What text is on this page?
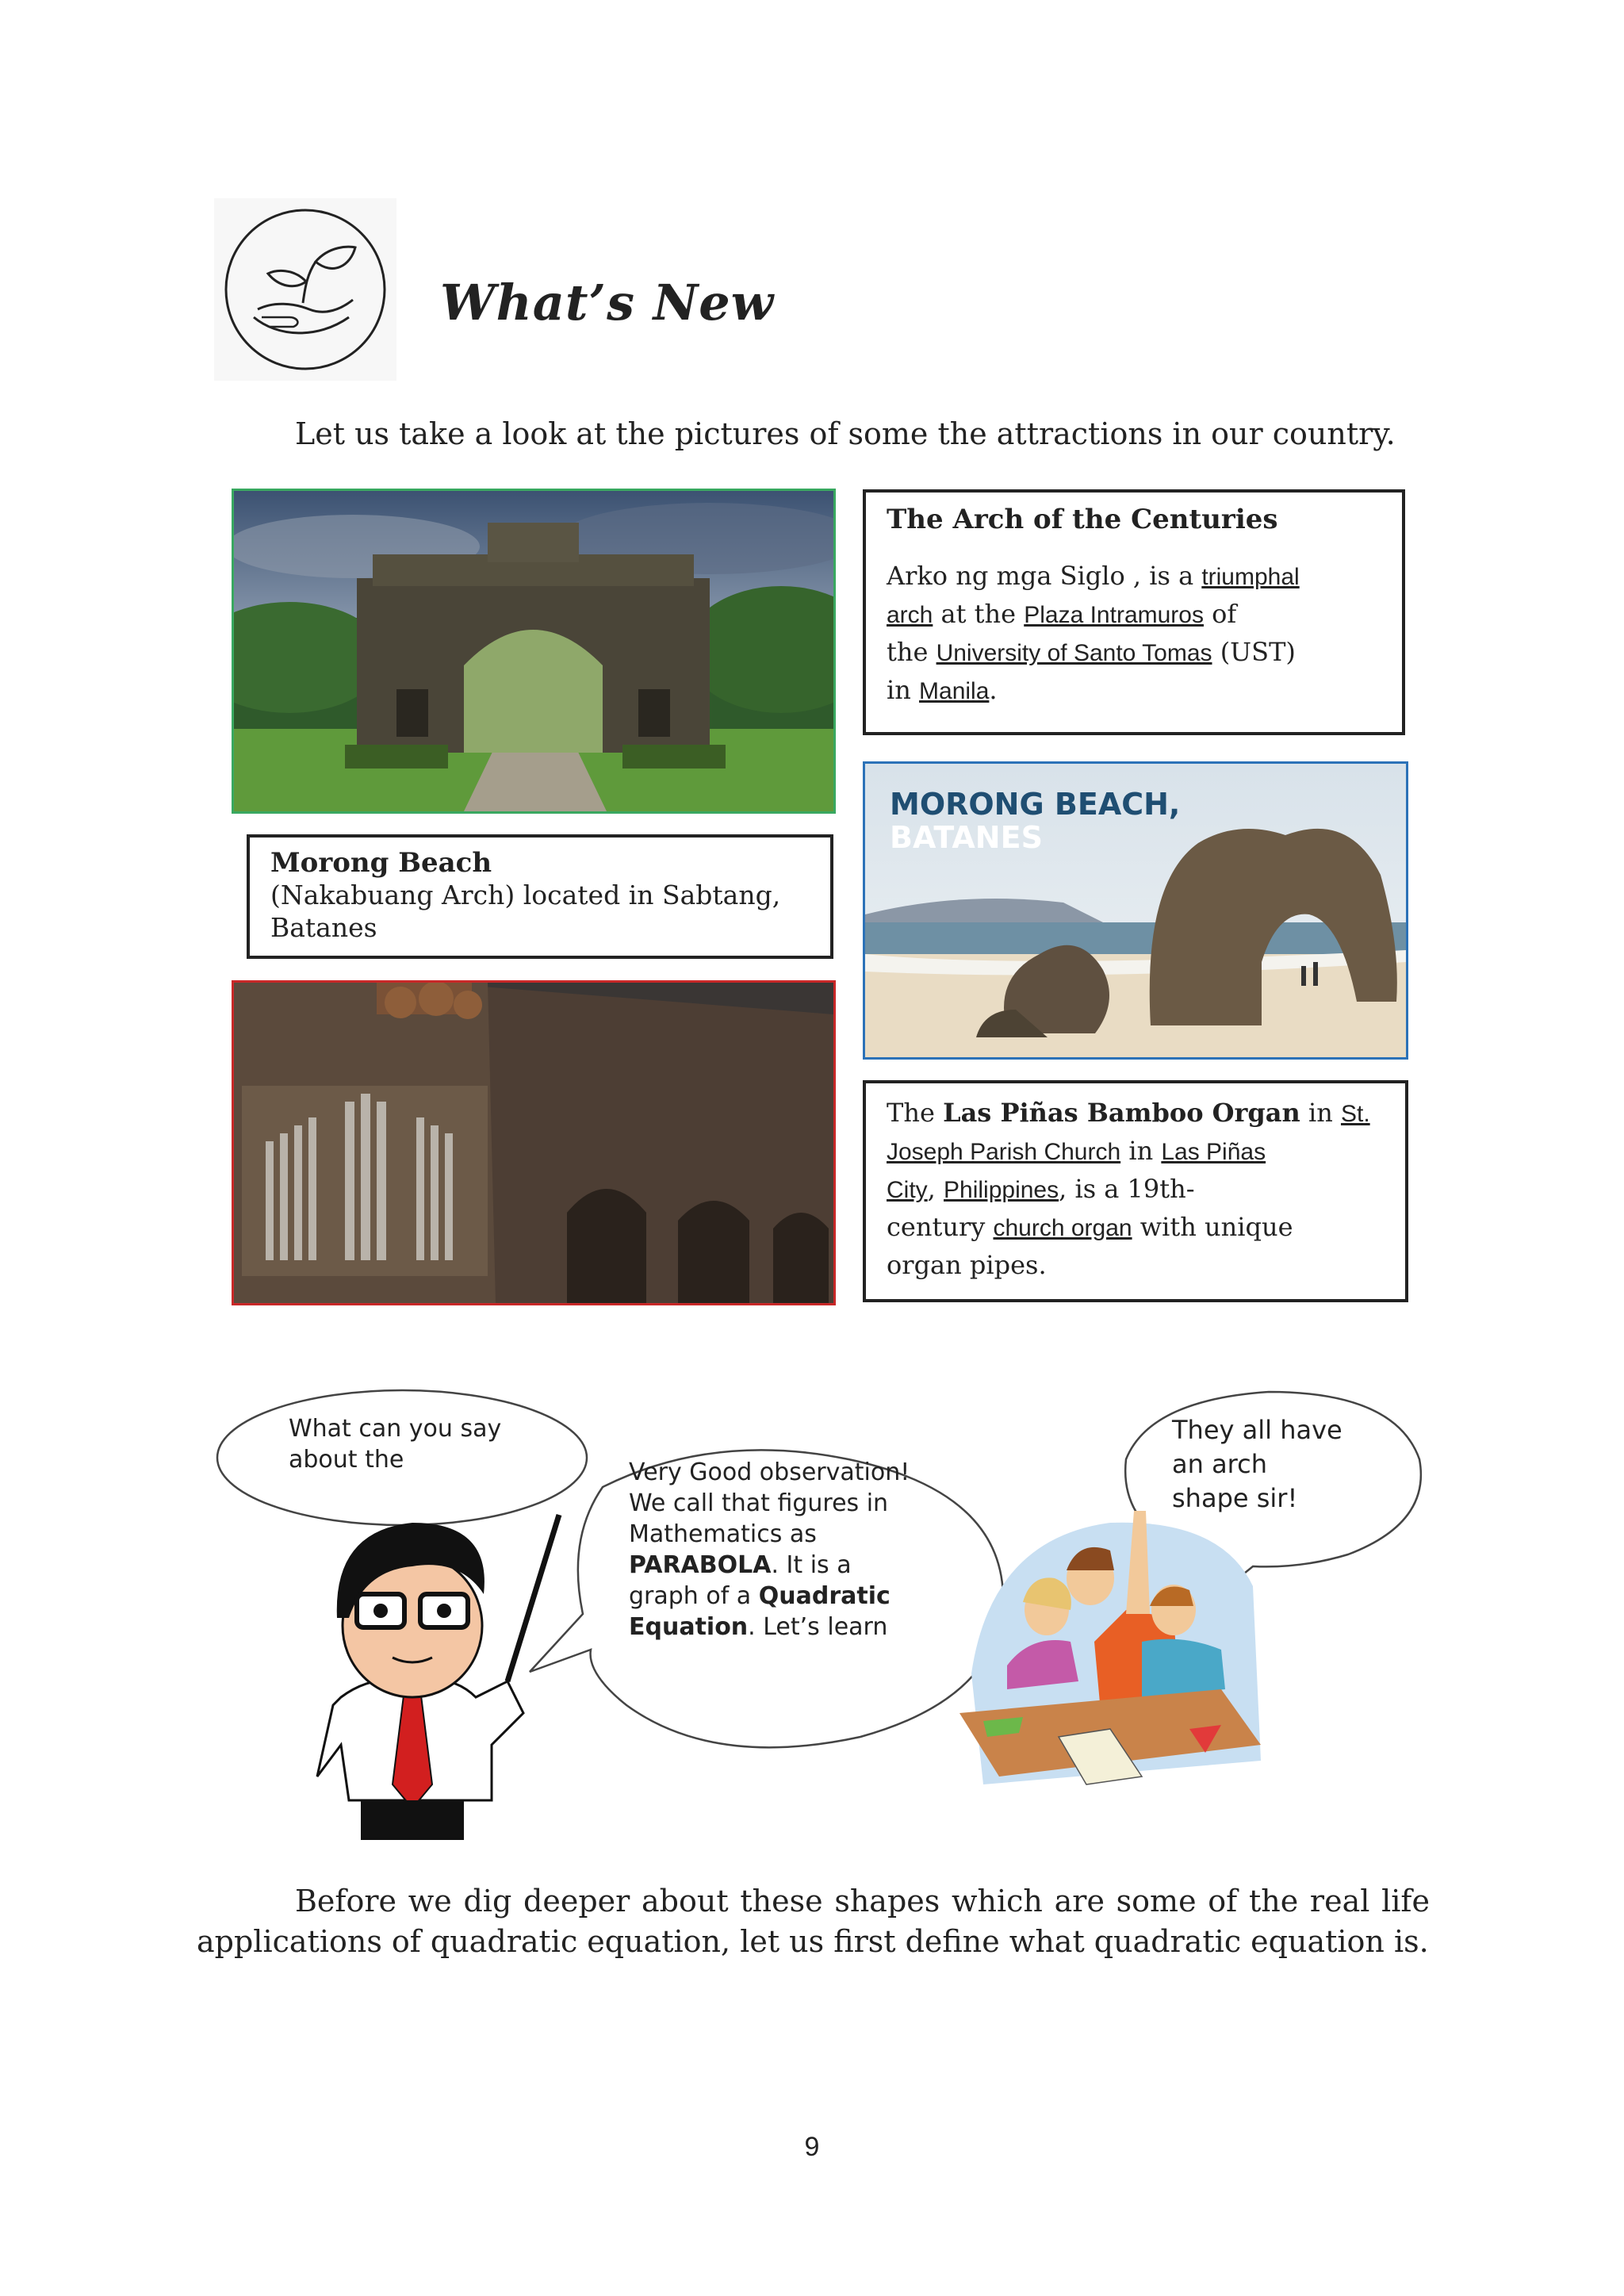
What’s New
Let us take a look at the pictures of some the attractions in our country.
The Arch of the Centuries
Arko ng mga Siglo , is a triumphal
arch at the Plaza Intramuros of
the University of Santo Tomas (UST)
in Manila.
MORONG BEACH,
BATANES
Morong Beach
(Nakabuang Arch) located in Sabtang,
Batanes
The Las Piñas Bamboo Organ in St.
Joseph Parish Church in Las Piñas
City, Philippines, is a 19th-
century church organ with unique
organ pipes.
What can you say
about the	Very Good observation!
We call that figures in
Mathematics as
PARABOLA. It is a
graph of a Quadratic
Equation. Let’s learn
They all have
an arch
shape sir!
Before we dig deeper about these shapes which are some of the real life applications of quadratic equation, let us first define what quadratic equation is.
9
